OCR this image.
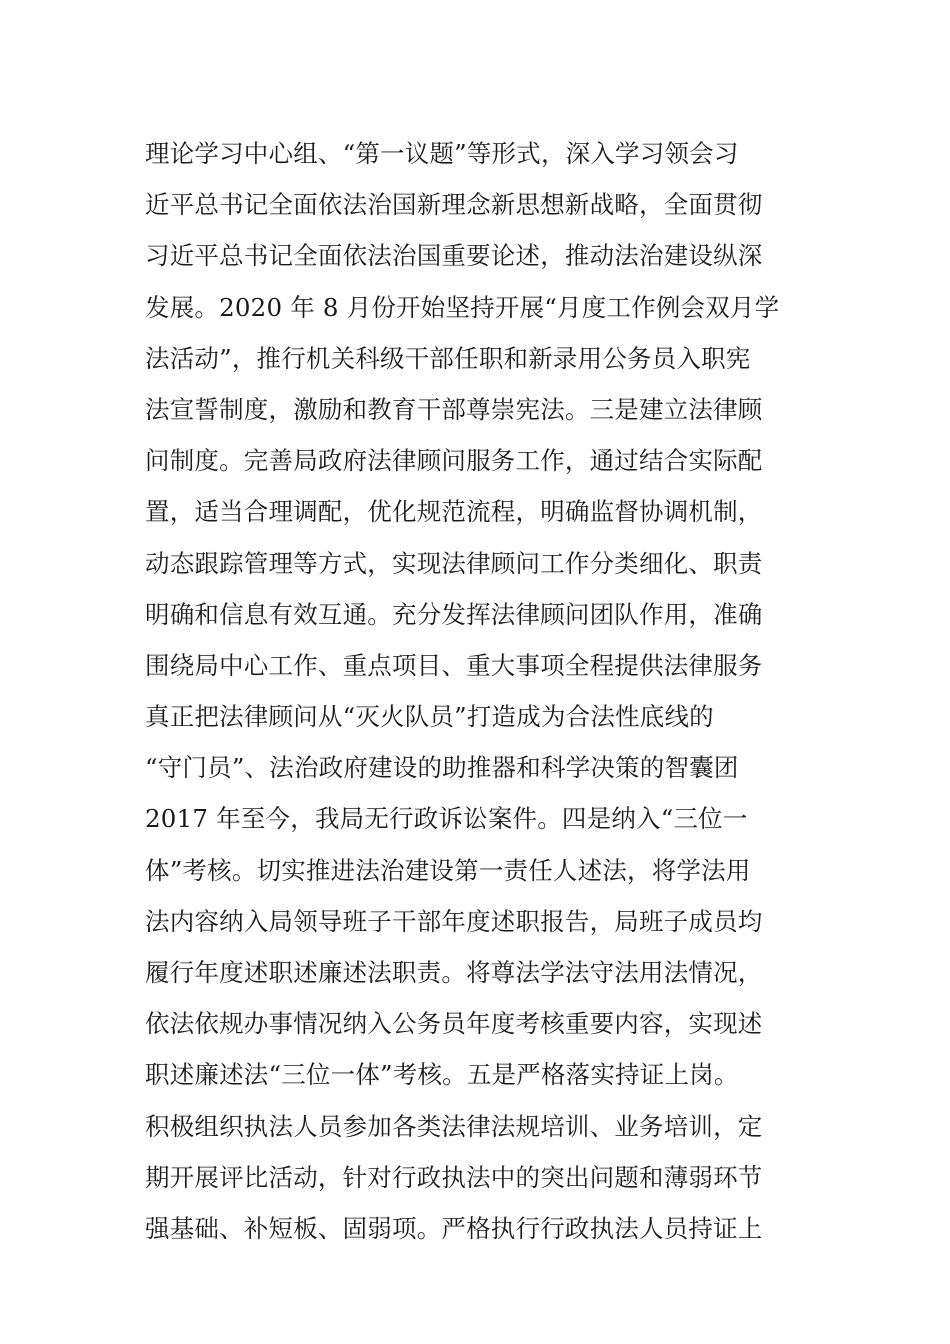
理论学习中心组、“第一议题”等形式，深入学习领会习
近平总书记全面依法治国新理念新思想新战略，全面贯彻
习近平总书记全面依法治国重要论述，推动法治建设纵深
发展。2020 年 8 月份开始坚持开展“月度工作例会双月学
法活动”，推行机关科级干部任职和新录用公务员入职宪
法宣誓制度，激励和教育干部尊崇宪法。三是建立法律顾
问制度。完善局政府法律顾问服务工作，通过结合实际配
置，适当合理调配，优化规范流程，明确监督协调机制，
动态跟踪管理等方式，实现法律顾问工作分类细化、职责
明确和信息有效互通。充分发挥法律顾问团队作用，准确
围绕局中心工作、重点项目、重大事项全程提供法律服务
真正把法律顾问从“灭火队员”打造成为合法性底线的
“守门员”、法治政府建设的助推器和科学决策的智囊团
2017 年至今，我局无行政诉讼案件。四是纳入“三位一
体”考核。切实推进法治建设第一责任人述法，将学法用
法内容纳入局领导班子干部年度述职报告，局班子成员均
履行年度述职述廉述法职责。将尊法学法守法用法情况，
依法依规办事情况纳入公务员年度考核重要内容，实现述
职述廉述法“三位一体”考核。五是严格落实持证上岗。
积极组织执法人员参加各类法律法规培训、业务培训，定
期开展评比活动，针对行政执法中的突出问题和薄弱环节
强基础、补短板、固弱项。严格执行行政执法人员持证上
